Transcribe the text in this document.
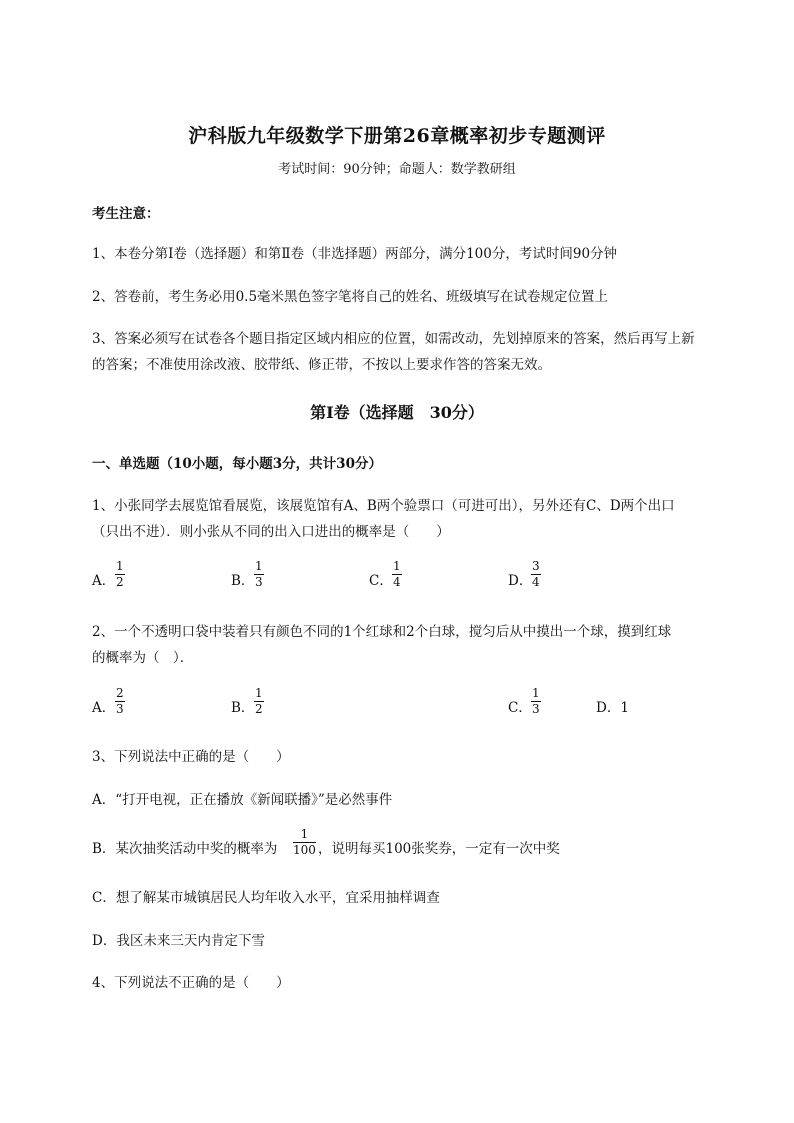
沪科版九年级数学下册第26章概率初步专题测评
考试时间：90分钟；命题人：数学教研组
考生注意：
1、本卷分第I卷（选择题）和第Ⅱ卷（非选择题）两部分，满分100分，考试时间90分钟
2、答卷前，考生务必用0.5毫米黑色签字笔将自己的姓名、班级填写在试卷规定位置上
3、答案必须写在试卷各个题目指定区域内相应的位置，如需改动，先划掉原来的答案，然后再写上新
的答案；不准使用涂改液、胶带纸、修正带，不按以上要求作答的答案无效。
第I卷（选择题　30分）
一、单选题（10小题，每小题3分，共计30分）
1、小张同学去展览馆看展览，该展览馆有A、B两个验票口（可进可出），另外还有C、D两个出口
（只出不进）．则小张从不同的出入口进出的概率是（　　）
A．
1
2	B．
1
3	C．
1
4	D．
3
4
2、一个不透明口袋中装着只有颜色不同的1个红球和2个白球，搅匀后从中摸出一个球，摸到红球
的概率为（　）．
A．
2
3	B．
1
2	C．
1
3	D．1
3、下列说法中正确的是（　　）
A．“打开电视，正在播放《新闻联播》”是必然事件
B．某次抽奖活动中奖的概率为
1
100 ，说明每买100张奖券，一定有一次中奖
C．想了解某市城镇居民人均年收入水平，宜采用抽样调查
D．我区未来三天内肯定下雪
4、下列说法不正确的是（　　）
